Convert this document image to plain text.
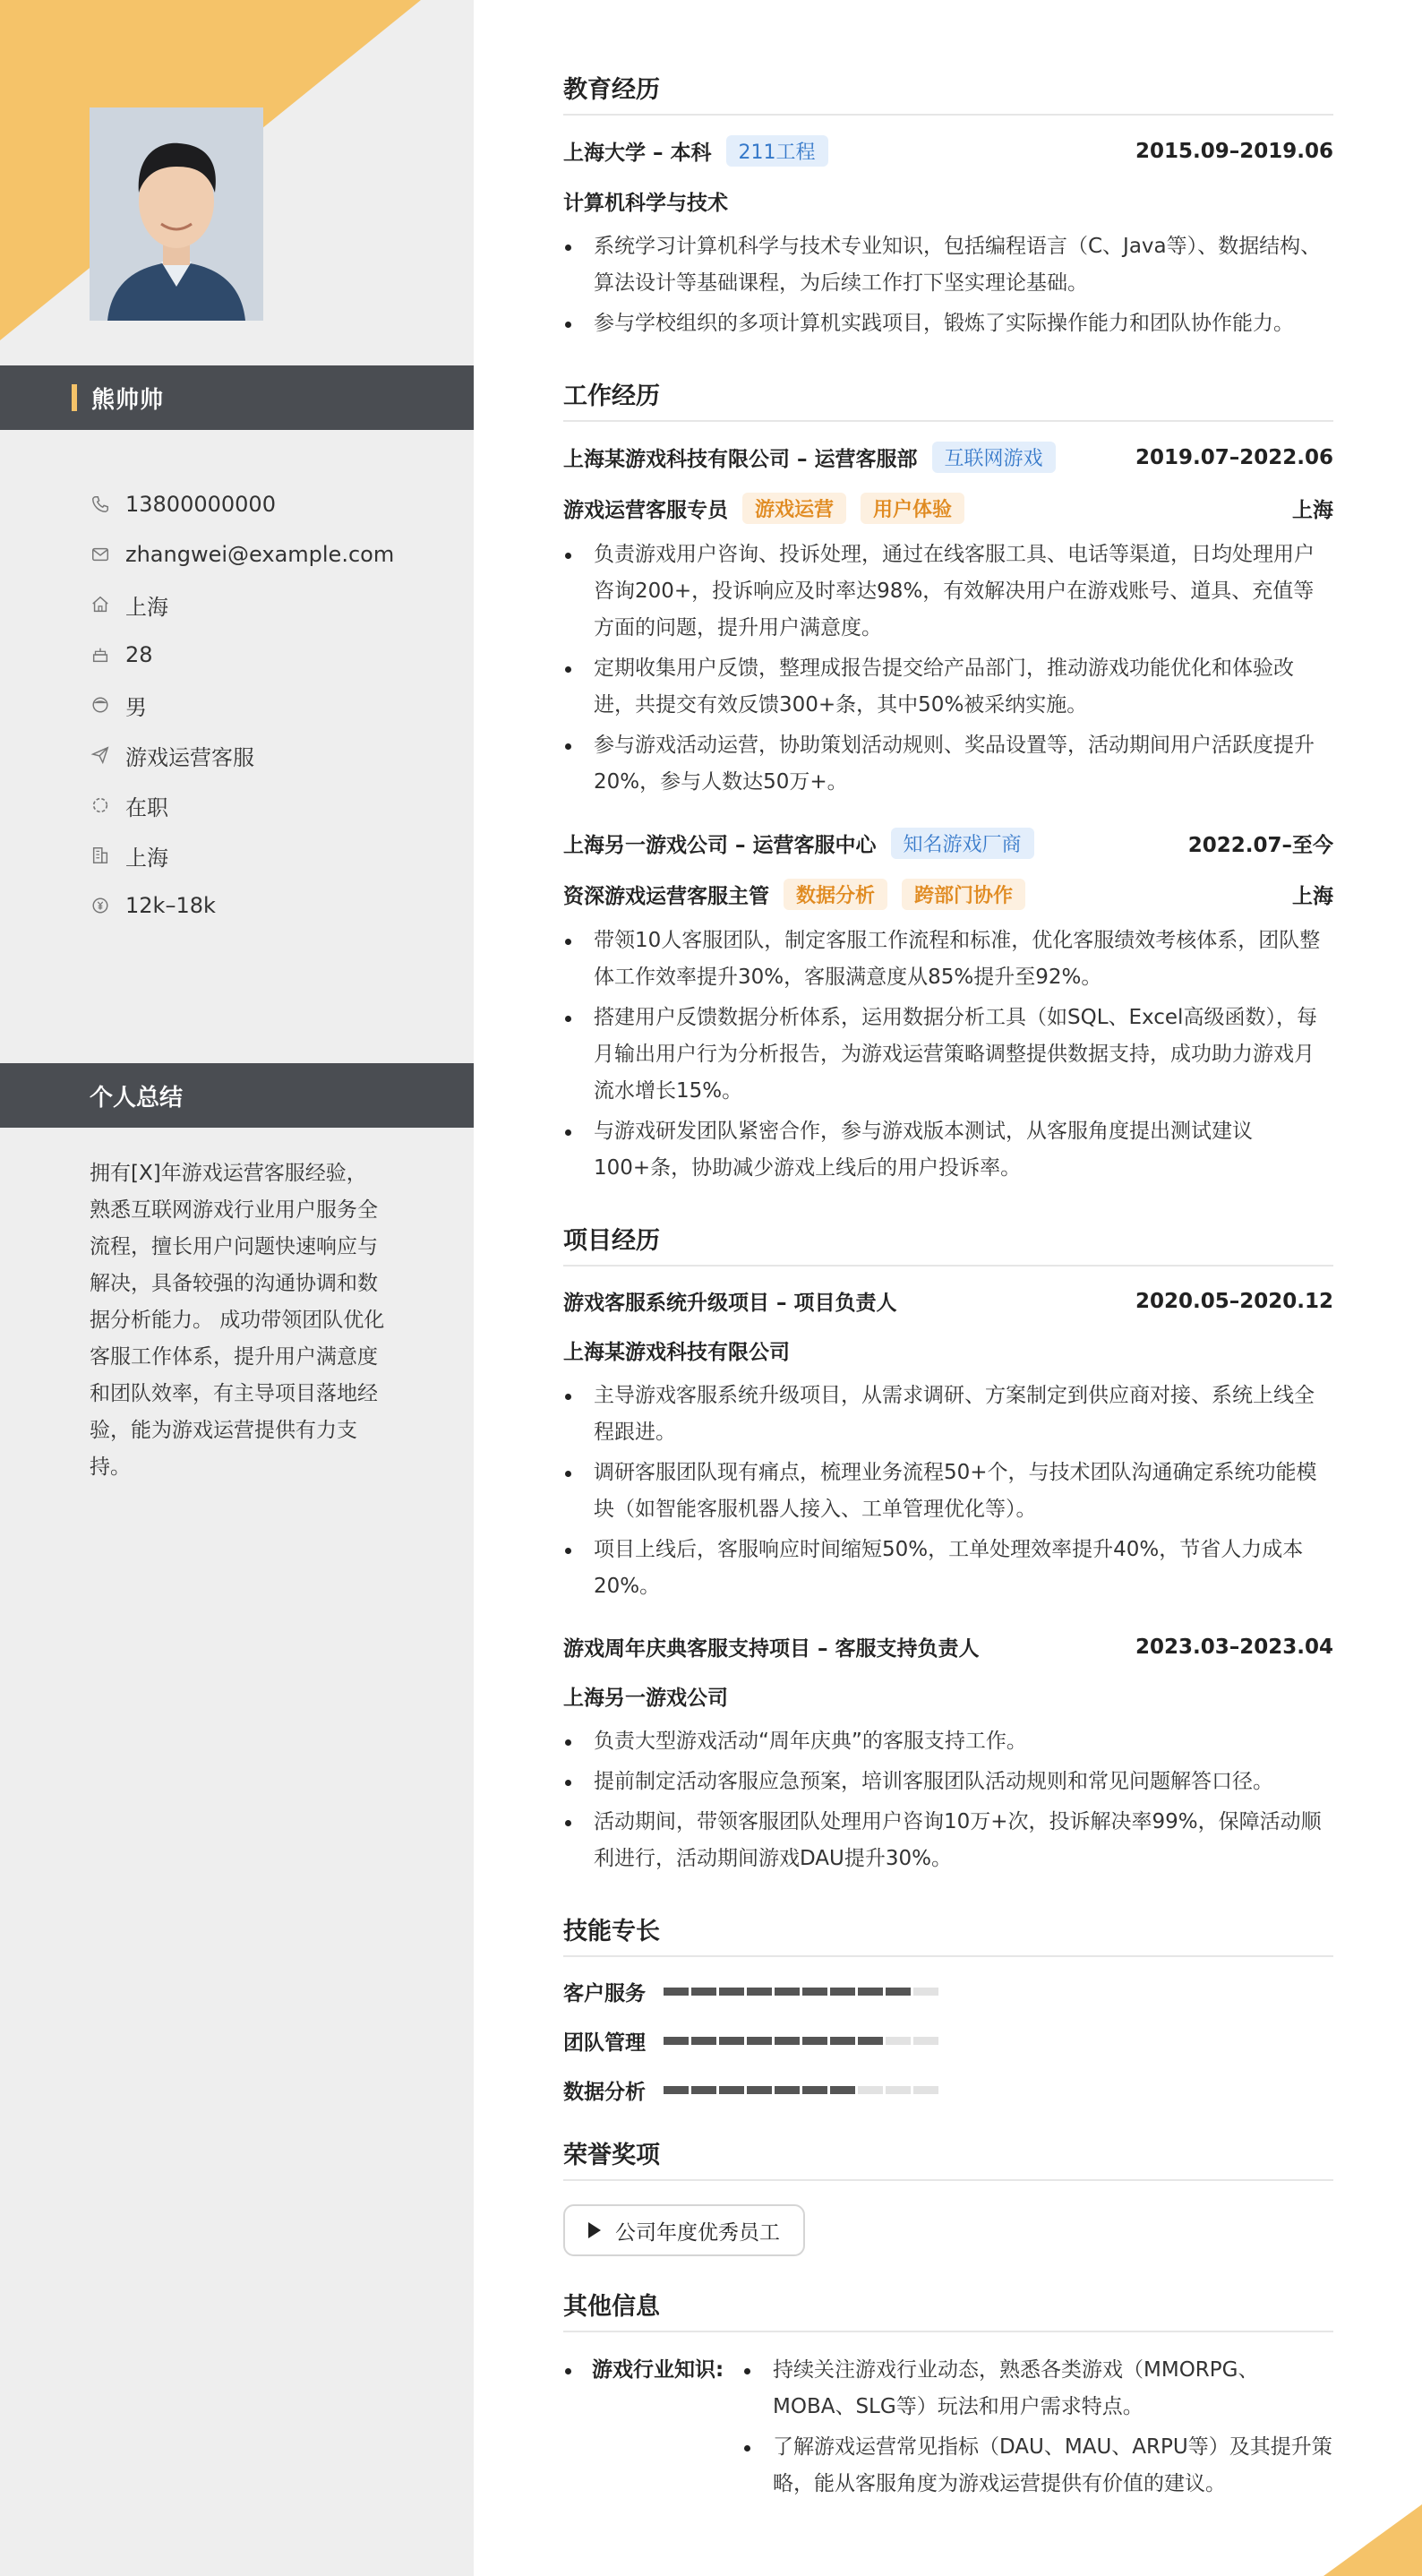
熊帅帅
13800000000
zhangwei@example.com
上海
28
男
游戏运营客服
在职
上海
12k–18k
个人总结
拥有[X]年游戏运营客服经验，熟悉互联网游戏行业用户服务全流程，擅长用户问题快速响应与解决，具备较强的沟通协调和数据分析能力。 成功带领团队优化客服工作体系，提升用户满意度和团队效率，有主导项目落地经验，能为游戏运营提供有力支持。
教育经历
上海大学 – 本科	211工程	2015.09–2019.06
计算机科学与技术
系统学习计算机科学与技术专业知识，包括编程语言（C、Java等）、数据结构、算法设计等基础课程，为后续工作打下坚实理论基础。
参与学校组织的多项计算机实践项目，锻炼了实际操作能力和团队协作能力。
工作经历
上海某游戏科技有限公司 – 运营客服部	互联网游戏	2019.07–2022.06
游戏运营客服专员	游戏运营	用户体验	上海
负责游戏用户咨询、投诉处理，通过在线客服工具、电话等渠道，日均处理用户咨询200+，投诉响应及时率达98%，有效解决用户在游戏账号、道具、充值等方面的问题，提升用户满意度。
定期收集用户反馈，整理成报告提交给产品部门，推动游戏功能优化和体验改进，共提交有效反馈300+条，其中50%被采纳实施。
参与游戏活动运营，协助策划活动规则、奖品设置等，活动期间用户活跃度提升20%，参与人数达50万+。
上海另一游戏公司 – 运营客服中心	知名游戏厂商	2022.07–至今
资深游戏运营客服主管	数据分析	跨部门协作	上海
带领10人客服团队，制定客服工作流程和标准，优化客服绩效考核体系，团队整体工作效率提升30%，客服满意度从85%提升至92%。
搭建用户反馈数据分析体系，运用数据分析工具（如SQL、Excel高级函数），每月输出用户行为分析报告，为游戏运营策略调整提供数据支持，成功助力游戏月流水增长15%。
与游戏研发团队紧密合作，参与游戏版本测试，从客服角度提出测试建议100+条，协助减少游戏上线后的用户投诉率。
项目经历
游戏客服系统升级项目 – 项目负责人	2020.05–2020.12
上海某游戏科技有限公司
主导游戏客服系统升级项目，从需求调研、方案制定到供应商对接、系统上线全程跟进。
调研客服团队现有痛点，梳理业务流程50+个，与技术团队沟通确定系统功能模块（如智能客服机器人接入、工单管理优化等）。
项目上线后，客服响应时间缩短50%，工单处理效率提升40%，节省人力成本20%。
游戏周年庆典客服支持项目 – 客服支持负责人	2023.03–2023.04
上海另一游戏公司
负责大型游戏活动“周年庆典”的客服支持工作。
提前制定活动客服应急预案，培训客服团队活动规则和常见问题解答口径。
活动期间，带领客服团队处理用户咨询10万+次，投诉解决率99%，保障活动顺利进行，活动期间游戏DAU提升30%。
技能专长
客户服务
团队管理
数据分析
荣誉奖项
公司年度优秀员工
其他信息
游戏行业知识:	持续关注游戏行业动态，熟悉各类游戏（MMORPG、MOBA、SLG等）玩法和用户需求特点。
了解游戏运营常见指标（DAU、MAU、ARPU等）及其提升策略，能从客服角度为游戏运营提供有价值的建议。
